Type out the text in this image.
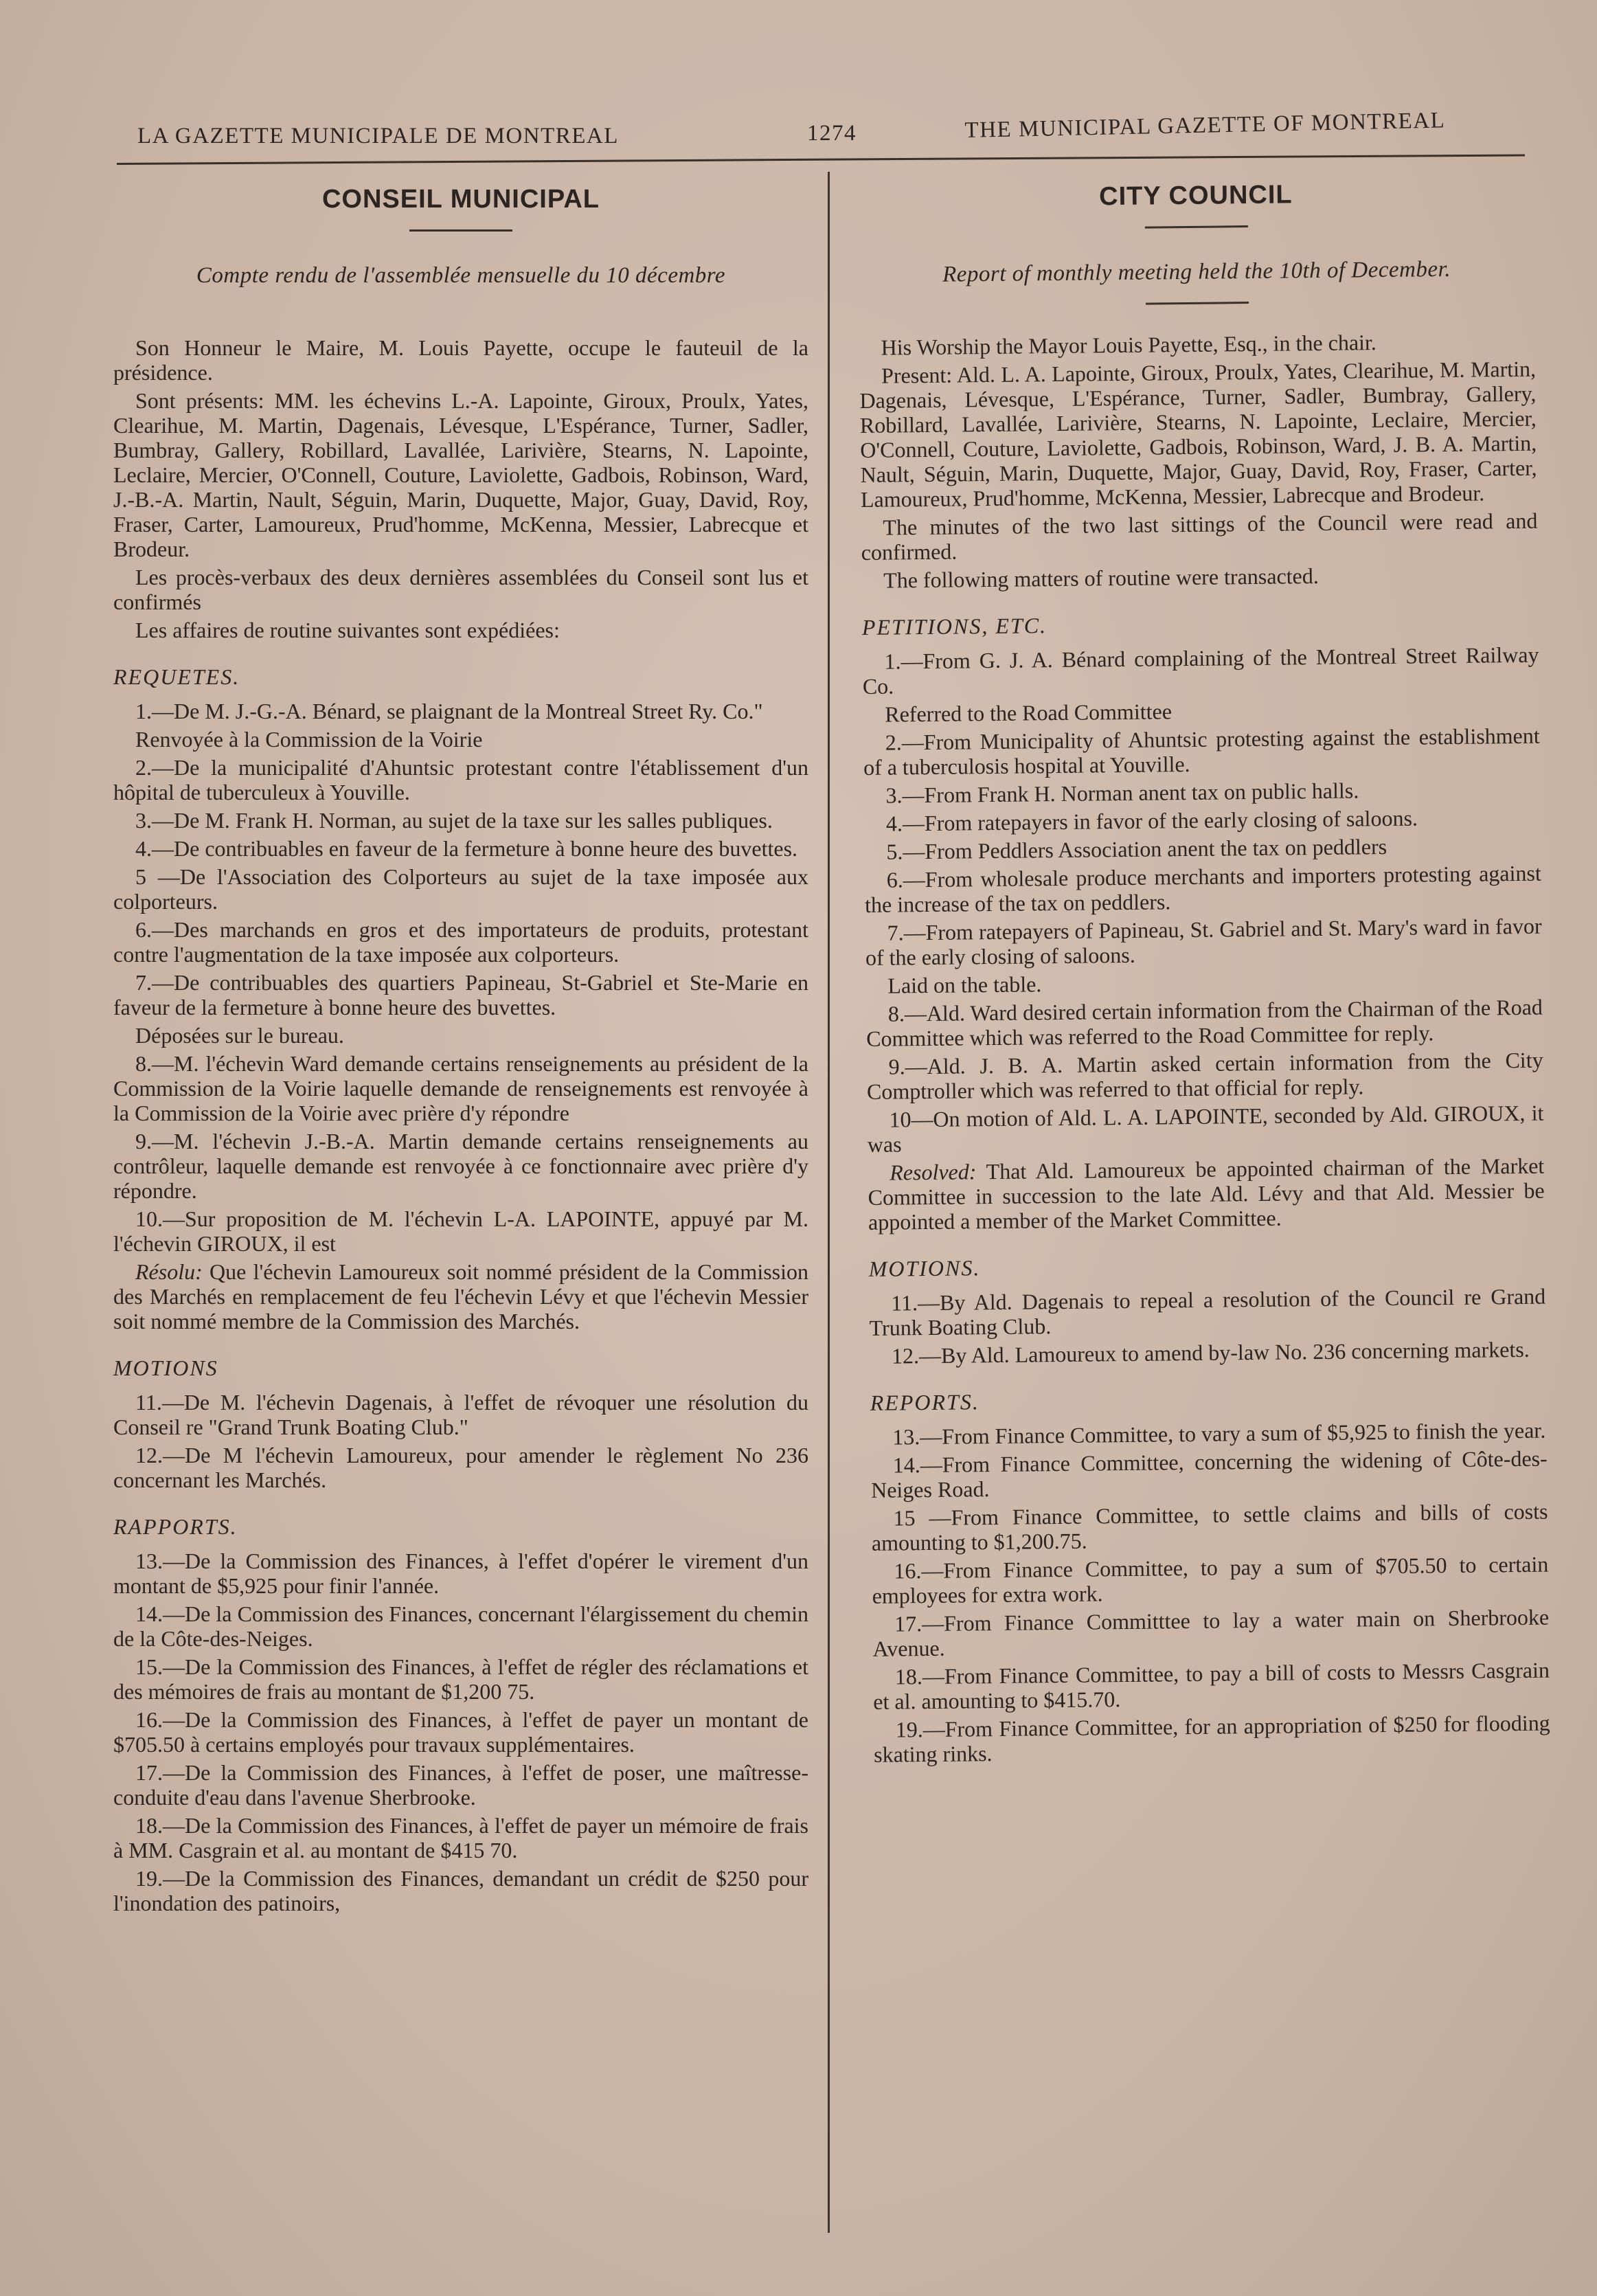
LA GAZETTE MUNICIPALE DE MONTREAL	1274	THE MUNICIPAL GAZETTE OF MONTREAL
CONSEIL MUNICIPAL
Compte rendu de l'assemblée mensuelle du 10 décembre

Son Honneur le Maire, M. Louis Payette, occupe le fauteuil de la présidence.

Sont présents: MM. les échevins L.-A. Lapointe, Giroux, Proulx, Yates, Clearihue, M. Martin, Dagenais, Lévesque, L'Espérance, Turner, Sadler, Bumbray, Gallery, Robillard, Lavallée, Larivière, Stearns, N. Lapointe, Leclaire, Mercier, O'Connell, Couture, Laviolette, Gadbois, Robinson, Ward, J.-B.-A. Martin, Nault, Séguin, Marin, Duquette, Major, Guay, David, Roy, Fraser, Carter, Lamoureux, Prud'homme, McKenna, Messier, Labrecque et Brodeur.

Les procès-verbaux des deux dernières assemblées du Conseil sont lus et confirmés

Les affaires de routine suivantes sont expédiées:

REQUETES.

1.—De M. J.-G.-A. Bénard, se plaignant de la Montreal Street Ry. Co."

Renvoyée à la Commission de la Voirie

2.—De la municipalité d'Ahuntsic protestant contre l'établissement d'un hôpital de tuberculeux à Youville.

3.—De M. Frank H. Norman, au sujet de la taxe sur les salles publiques.

4.—De contribuables en faveur de la fermeture à bonne heure des buvettes.

5 —De l'Association des Colporteurs au sujet de la taxe imposée aux colporteurs.

6.—Des marchands en gros et des importateurs de produits, protestant contre l'augmentation de la taxe imposée aux colporteurs.

7.—De contribuables des quartiers Papineau, St-Gabriel et Ste-Marie en faveur de la fermeture à bonne heure des buvettes.

Déposées sur le bureau.

8.—M. l'échevin Ward demande certains renseignements au président de la Commission de la Voirie laquelle demande de renseignements est renvoyée à la Commission de la Voirie avec prière d'y répondre

9.—M. l'échevin J.-B.-A. Martin demande certains renseignements au contrôleur, laquelle demande est renvoyée à ce fonctionnaire avec prière d'y répondre.

10.—Sur proposition de M. l'échevin L-A. LAPOINTE, appuyé par M. l'échevin GIROUX, il est

Résolu: Que l'échevin Lamoureux soit nommé président de la Commission des Marchés en remplacement de feu l'échevin Lévy et que l'échevin Messier soit nommé membre de la Commission des Marchés.

MOTIONS

11.—De M. l'échevin Dagenais, à l'effet de révoquer une résolution du Conseil re "Grand Trunk Boating Club."

12.—De M l'échevin Lamoureux, pour amender le règlement No 236 concernant les Marchés.

RAPPORTS.

13.—De la Commission des Finances, à l'effet d'opérer le virement d'un montant de $5,925 pour finir l'année.

14.—De la Commission des Finances, concernant l'élargissement du chemin de la Côte-des-Neiges.

15.—De la Commission des Finances, à l'effet de régler des réclamations et des mémoires de frais au montant de $1,200 75.

16.—De la Commission des Finances, à l'effet de payer un montant de $705.50 à certains employés pour travaux supplémentaires.

17.—De la Commission des Finances, à l'effet de poser, une maîtresse-conduite d'eau dans l'avenue Sherbrooke.

18.—De la Commission des Finances, à l'effet de payer un mémoire de frais à MM. Casgrain et al. au montant de $415 70.

19.—De la Commission des Finances, demandant un crédit de $250 pour l'inondation des patinoirs,

CITY COUNCIL
Report of monthly meeting held the 10th of December.

His Worship the Mayor Louis Payette, Esq., in the chair.

Present: Ald. L. A. Lapointe, Giroux, Proulx, Yates, Clearihue, M. Martin, Dagenais, Lévesque, L'Espérance, Turner, Sadler, Bumbray, Gallery, Robillard, Lavallée, Larivière, Stearns, N. Lapointe, Leclaire, Mercier, O'Connell, Couture, Laviolette, Gadbois, Robinson, Ward, J. B. A. Martin, Nault, Séguin, Marin, Duquette, Major, Guay, David, Roy, Fraser, Carter, Lamoureux, Prud'homme, McKenna, Messier, Labrecque and Brodeur.

The minutes of the two last sittings of the Council were read and confirmed.

The following matters of routine were transacted.

PETITIONS, ETC.

1.—From G. J. A. Bénard complaining of the Montreal Street Railway Co.

Referred to the Road Committee

2.—From Municipality of Ahuntsic protesting against the establishment of a tuberculosis hospital at Youville.

3.—From Frank H. Norman anent tax on public halls.

4.—From ratepayers in favor of the early closing of saloons.

5.—From Peddlers Association anent the tax on peddlers

6.—From wholesale produce merchants and importers protesting against the increase of the tax on peddlers.

7.—From ratepayers of Papineau, St. Gabriel and St. Mary's ward in favor of the early closing of saloons.

Laid on the table.

8.—Ald. Ward desired certain information from the Chairman of the Road Committee which was referred to the Road Committee for reply.

9.—Ald. J. B. A. Martin asked certain information from the City Comptroller which was referred to that official for reply.

10—On motion of Ald. L. A. LAPOINTE, seconded by Ald. GIROUX, it was

Resolved: That Ald. Lamoureux be appointed chairman of the Market Committee in succession to the late Ald. Lévy and that Ald. Messier be appointed a member of the Market Committee.

MOTIONS.

11.—By Ald. Dagenais to repeal a resolution of the Council re Grand Trunk Boating Club.

12.—By Ald. Lamoureux to amend by-law No. 236 concerning markets.

REPORTS.

13.—From Finance Committee, to vary a sum of $5,925 to finish the year.

14.—From Finance Committee, concerning the widening of Côte-des-Neiges Road.

15 —From Finance Committee, to settle claims and bills of costs amounting to $1,200.75.

16.—From Finance Committee, to pay a sum of $705.50 to certain employees for extra work.

17.—From Finance Committtee to lay a water main on Sherbrooke Avenue.

18.—From Finance Committee, to pay a bill of costs to Messrs Casgrain et al. amounting to $415.70.

19.—From Finance Committee, for an appropriation of $250 for flooding skating rinks.
